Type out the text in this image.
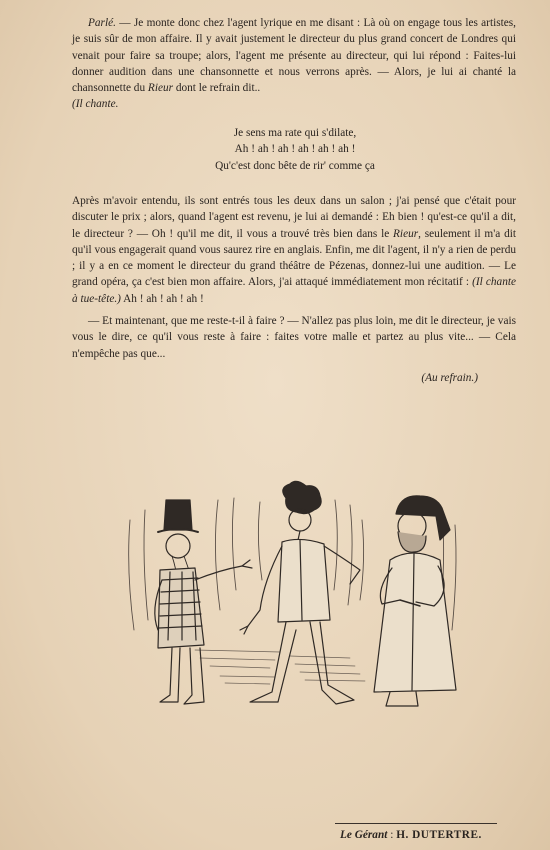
Parlé. — Je monte donc chez l'agent lyrique en me disant : Là où on engage tous les artistes, je suis sûr de mon affaire. Il y avait justement le directeur du plus grand concert de Londres qui venait pour faire sa troupe; alors, l'agent me présente au directeur, qui lui répond : Faites-lui donner audition dans une chansonnette et nous verrons après. — Alors, je lui ai chanté la chansonnette du Rieur dont le refrain dit..
(Il chante.

Je sens ma rate qui s'dilate,
Ah ! ah ! ah ! ah ! ah ! ah !
Qu'c'est donc bête de rir' comme ça

Après m'avoir entendu, ils sont entrés tous les deux dans un salon ; j'ai pensé que c'était pour discuter le prix ; alors, quand l'agent est revenu, je lui ai demandé : Eh bien ! qu'est-ce qu'il a dit, le directeur ? — Oh ! qu'il me dit, il vous a trouvé très bien dans le Rieur, seulement il m'a dit qu'il vous engagerait quand vous saurez rire en anglais. Enfin, me dit l'agent, il n'y a rien de perdu ; il y a en ce moment le directeur du grand théâtre de Pézenas, donnez-lui une audition. — Le grand opéra, ça c'est bien mon affaire. Alors, j'ai attaqué immédiatement mon récitatif : (Il chante à tue-tête.) Ah ! ah ! ah ! ah !

— Et maintenant, que me reste-t-il à faire ? — N'allez pas plus loin, me dit le directeur, je vais vous le dire, ce qu'il vous reste à faire : faites votre malle et partez au plus vite... — Cela n'empêche pas que...

(Au refrain.)
Le Gérant : H. DUTERTRE.
